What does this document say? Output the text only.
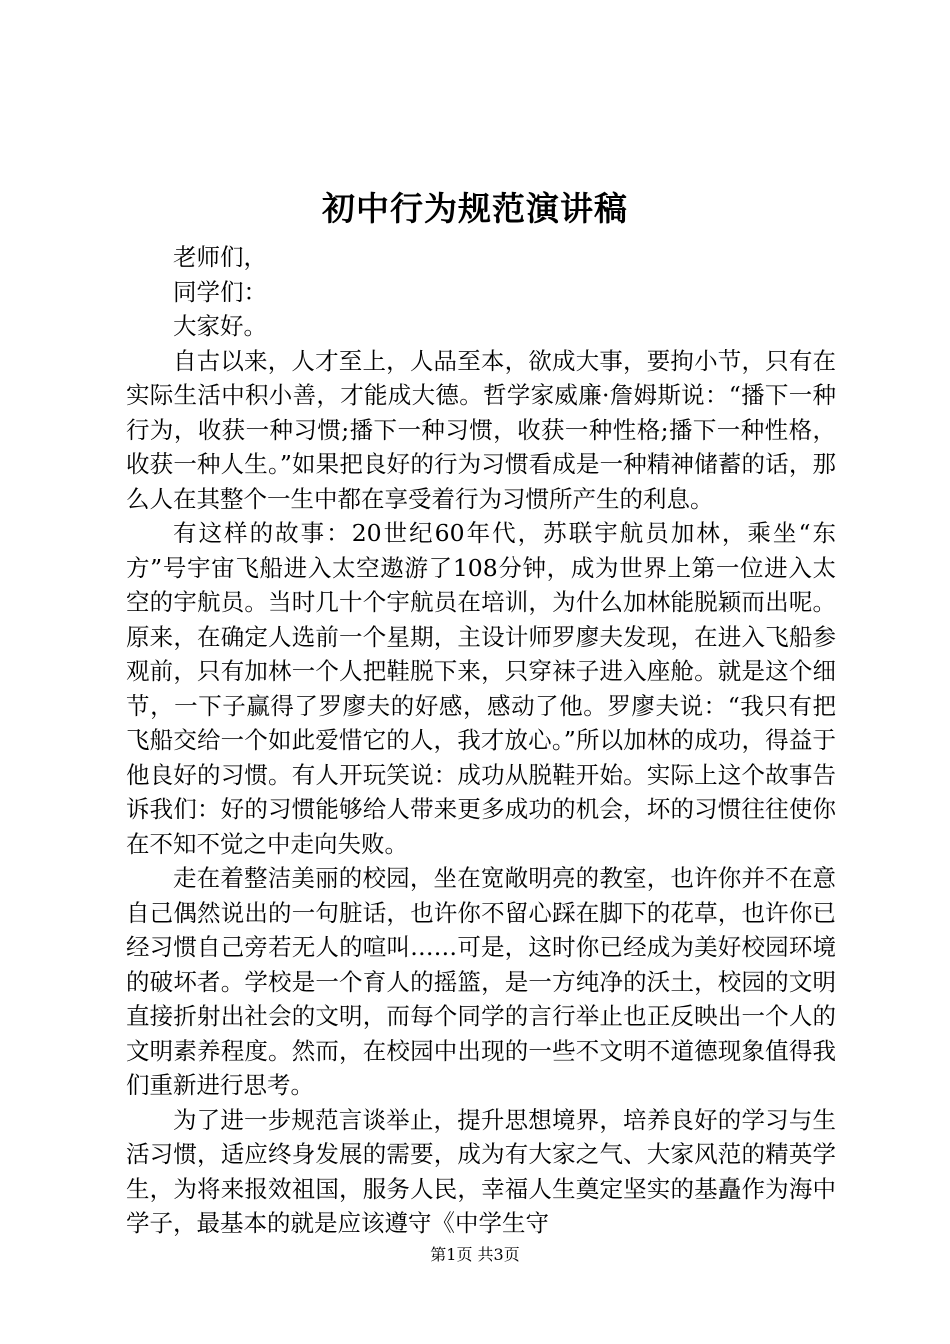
初中行为规范演讲稿
老师们，
同学们：
大家好。

自古以来，人才至上，人品至本，欲成大事，要拘小节，只有在实际生活中积小善，才能成大德。哲学家威廉·詹姆斯说：“播下一种行为，收获一种习惯;播下一种习惯，收获一种性格;播下一种性格，收获一种人生。”如果把良好的行为习惯看成是一种精神储蓄的话，那么人在其整个一生中都在享受着行为习惯所产生的利息。

有这样的故事：20世纪60年代，苏联宇航员加林，乘坐“东方”号宇宙飞船进入太空遨游了108分钟，成为世界上第一位进入太空的宇航员。当时几十个宇航员在培训，为什么加林能脱颖而出呢。原来，在确定人选前一个星期，主设计师罗廖夫发现，在进入飞船参观前，只有加林一个人把鞋脱下来，只穿袜子进入座舱。就是这个细节，一下子赢得了罗廖夫的好感，感动了他。罗廖夫说：“我只有把飞船交给一个如此爱惜它的人，我才放心。”所以加林的成功，得益于他良好的习惯。有人开玩笑说：成功从脱鞋开始。实际上这个故事告诉我们：好的习惯能够给人带来更多成功的机会，坏的习惯往往使你在不知不觉之中走向失败。

走在着整洁美丽的校园，坐在宽敞明亮的教室，也许你并不在意自己偶然说出的一句脏话，也许你不留心踩在脚下的花草，也许你已经习惯自己旁若无人的喧叫……可是，这时你已经成为美好校园环境的破坏者。学校是一个育人的摇篮，是一方纯净的沃土，校园的文明直接折射出社会的文明，而每个同学的言行举止也正反映出一个人的文明素养程度。然而，在校园中出现的一些不文明不道德现象值得我们重新进行思考。

为了进一步规范言谈举止，提升思想境界，培养良好的学习与生活习惯，适应终身发展的需要，成为有大家之气、大家风范的精英学生，为将来报效祖国，服务人民，幸福人生奠定坚实的基矗作为海中学子，最基本的就是应该遵守《中学生守

第1页 共3页
